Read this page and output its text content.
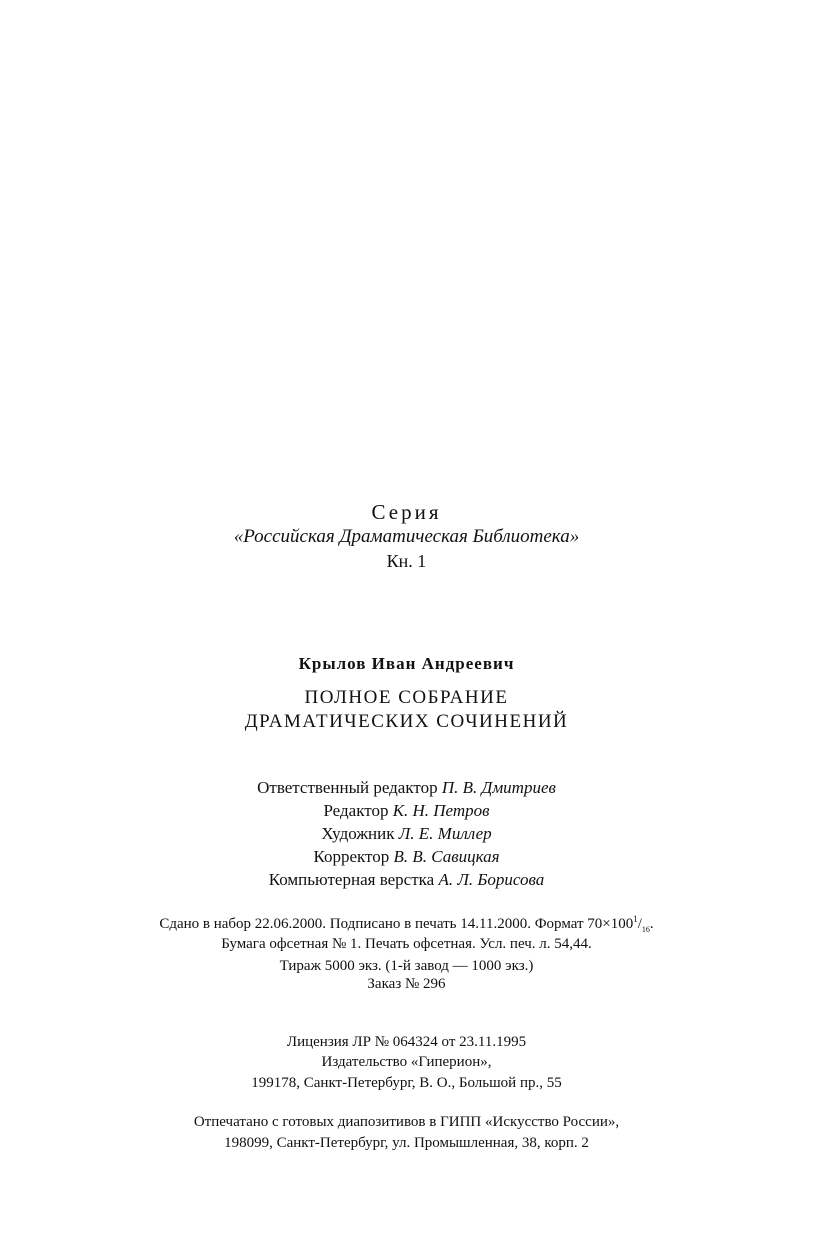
Серия
«Российская Драматическая Библиотека»
Кн. 1
Крылов Иван Андреевич
ПОЛНОЕ СОБРАНИЕ
ДРАМАТИЧЕСКИХ СОЧИНЕНИЙ
Ответственный редактор П. В. Дмитриев
Редактор К. Н. Петров
Художник Л. Е. Миллер
Корректор В. В. Савицкая
Компьютерная верстка А. Л. Борисова
Сдано в набор 22.06.2000. Подписано в печать 14.11.2000. Формат $70\times 100^1/_{16}$.
Бумага офсетная № 1. Печать офсетная. Усл. печ. л. 54,44.
Тираж 5000 экз. (1-й завод — 1000 экз.)
Заказ № 296
Лицензия ЛР № 064324 от 23.11.1995
Издательство «Гиперион»,
199178, Санкт-Петербург, В. О., Большой пр., 55
Отпечатано с готовых диапозитивов в ГИПП «Искусство России»,
198099, Санкт-Петербург, ул. Промышленная, 38, корп. 2
